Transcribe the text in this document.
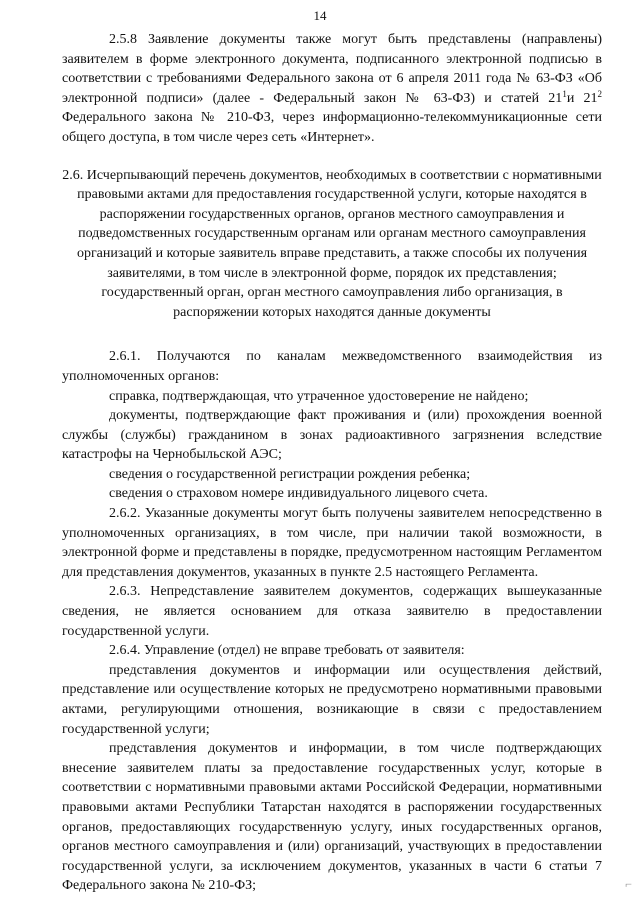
14

2.5.8 Заявление документы также могут быть представлены (направлены) заявителем в форме электронного документа, подписанного электронной подписью в соответствии с требованиями Федерального закона от 6 апреля 2011 года № 63-ФЗ «Об электронной подписи» (далее - Федеральный закон № 63-ФЗ) и статей $21^1и$ $21^2$ Федерального закона № 210-ФЗ, через информационно-телекоммуникационные сети общего доступа, в том числе через сеть «Интернет».

2.6. Исчерпывающий перечень документов, необходимых в соответствии с нормативными правовыми актами для предоставления государственной услуги, которые находятся в распоряжении государственных органов, органов местного самоуправления и подведомственных государственным органам или органам местного самоуправления организаций и которые заявитель вправе представить, а также способы их получения заявителями, в том числе в электронной форме, порядок их представления; государственный орган, орган местного самоуправления либо организация, в распоряжении которых находятся данные документы

2.6.1. Получаются по каналам межведомственного взаимодействия из уполномоченных органов:

справка, подтверждающая, что утраченное удостоверение не найдено;

документы, подтверждающие факт проживания и (или) прохождения военной службы (службы) гражданином в зонах радиоактивного загрязнения вследствие катастрофы на Чернобыльской АЭС;

сведения о государственной регистрации рождения ребенка;

сведения о страховом номере индивидуального лицевого счета.

2.6.2. Указанные документы могут быть получены заявителем непосредственно в уполномоченных организациях, в том числе, при наличии такой возможности, в электронной форме и представлены в порядке, предусмотренном настоящим Регламентом для представления документов, указанных в пункте 2.5 настоящего Регламента.

2.6.3. Непредставление заявителем документов, содержащих вышеуказанные сведения, не является основанием для отказа заявителю в предоставлении государственной услуги.

2.6.4. Управление (отдел) не вправе требовать от заявителя:

представления документов и информации или осуществления действий, представление или осуществление которых не предусмотрено нормативными правовыми актами, регулирующими отношения, возникающие в связи с предоставлением государственной услуги;

представления документов и информации, в том числе подтверждающих внесение заявителем платы за предоставление государственных услуг, которые в соответствии с нормативными правовыми актами Российской Федерации, нормативными правовыми актами Республики Татарстан находятся в распоряжении государственных органов, предоставляющих государственную услугу, иных государственных органов, органов местного самоуправления и (или) организаций, участвующих в предоставлении государственной услуги, за исключением документов, указанных в части 6 статьи 7 Федерального закона № 210-ФЗ;	⌐
